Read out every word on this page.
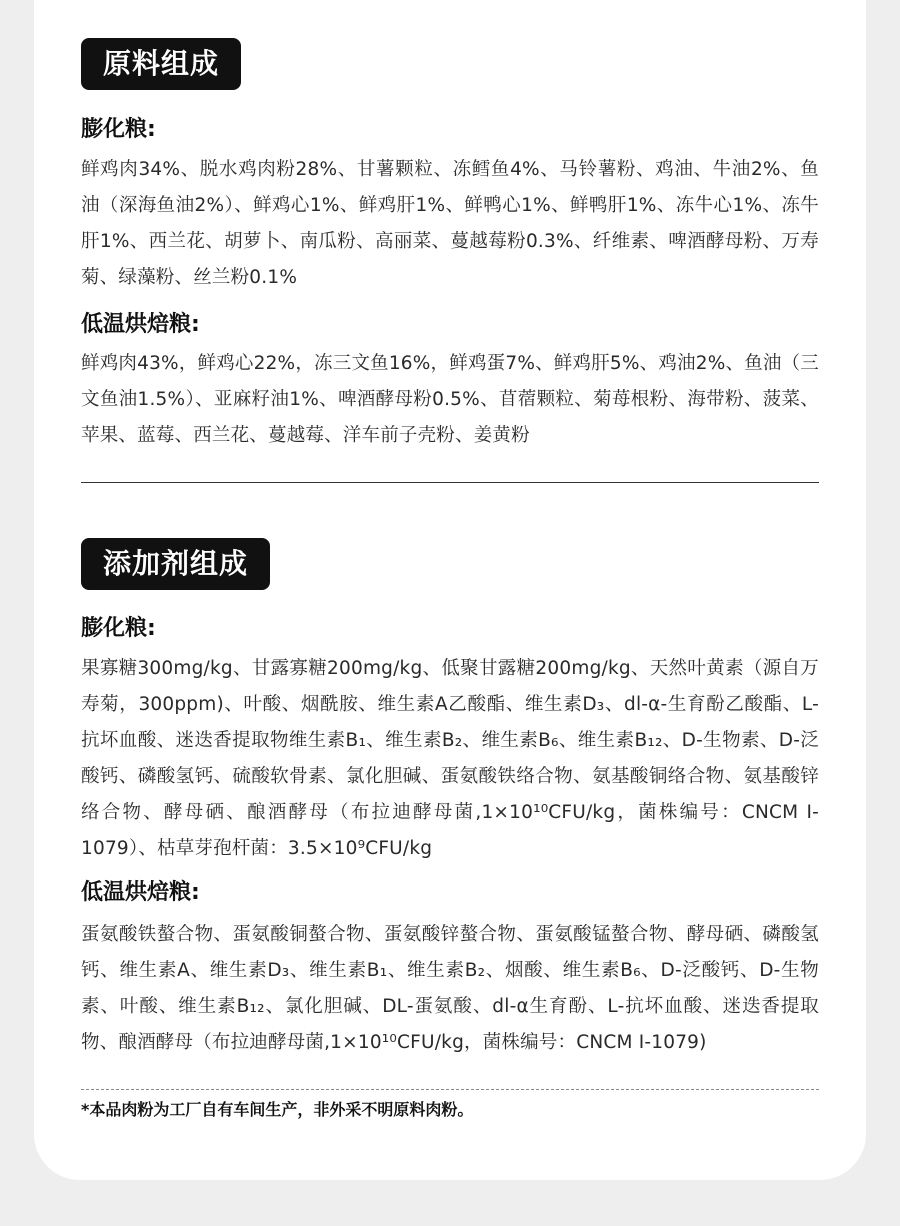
原料组成

膨化粮:

鲜鸡肉34%、脱水鸡肉粉28%、甘薯颗粒、冻鳕鱼4%、马铃薯粉、鸡油、牛油2%、鱼油（深海鱼油2%）、鲜鸡心1%、鲜鸡肝1%、鲜鸭心1%、鲜鸭肝1%、冻牛心1%、冻牛肝1%、西兰花、胡萝卜、南瓜粉、高丽菜、蔓越莓粉0.3%、纤维素、啤酒酵母粉、万寿菊、绿藻粉、丝兰粉0.1%

低温烘焙粮:

鲜鸡肉43%，鲜鸡心22%，冻三文鱼16%，鲜鸡蛋7%、鲜鸡肝5%、鸡油2%、鱼油（三文鱼油1.5%）、亚麻籽油1%、啤酒酵母粉0.5%、苜蓿颗粒、菊苺根粉、海带粉、菠菜、苹果、蓝莓、西兰花、蔓越莓、洋车前子壳粉、姜黄粉

添加剂组成

膨化粮:

果寡糖300mg/kg、甘露寡糖200mg/kg、低聚甘露糖200mg/kg、天然叶黄素（源自万寿菊，300ppm)、叶酸、烟酰胺、维生素A乙酸酯、维生素D₃、dl-α-生育酚乙酸酯、L-抗坏血酸、迷迭香提取物维生素B₁、维生素B₂、维生素B₆、维生素B₁₂、D-生物素、D-泛酸钙、磷酸氢钙、硫酸软骨素、氯化胆碱、蛋氨酸铁络合物、氨基酸铜络合物、氨基酸锌络合物、酵母硒、酿酒酵母（布拉迪酵母菌,1×10¹⁰CFU/kg，菌株编号：CNCM I-1079）、枯草芽孢杆菌：3.5×10⁹CFU/kg

低温烘焙粮:

蛋氨酸铁螯合物、蛋氨酸铜螯合物、蛋氨酸锌螯合物、蛋氨酸锰螯合物、酵母硒、磷酸氢钙、维生素A、维生素D₃、维生素B₁、维生素B₂、烟酸、维生素B₆、D-泛酸钙、D-生物素、叶酸、维生素B₁₂、氯化胆碱、DL-蛋氨酸、dl-α生育酚、L-抗坏血酸、迷迭香提取物、酿酒酵母（布拉迪酵母菌,1×10¹⁰CFU/kg，菌株编号：CNCM I-1079)

*本品肉粉为工厂自有车间生产，非外采不明原料肉粉。
